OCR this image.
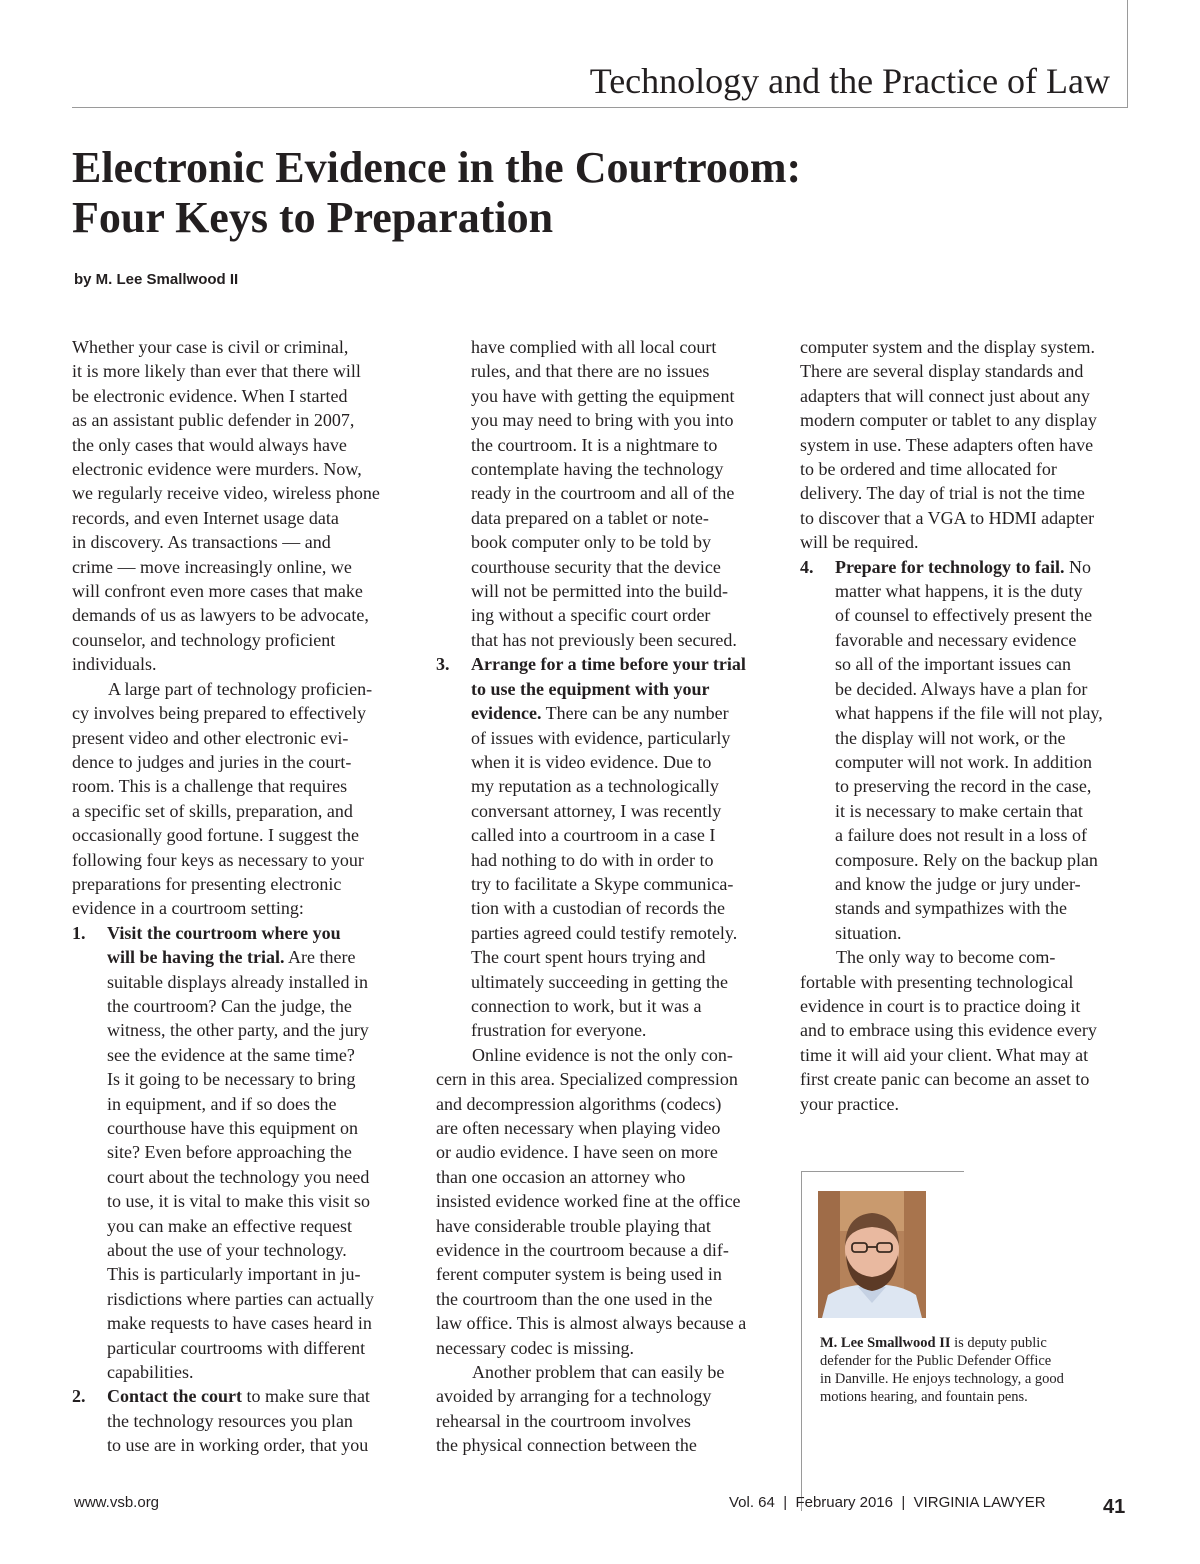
Technology and the Practice of Law
Electronic Evidence in the Courtroom:
Four Keys to Preparation
by M. Lee Smallwood II

Whether your case is civil or criminal,
it is more likely than ever that there will
be electronic evidence. When I started
as an assistant public defender in 2007,
the only cases that would always have
electronic evidence were murders. Now,
we regularly receive video, wireless phone
records, and even Internet usage data
in discovery. As transactions — and
crime — move increasingly online, we
will confront even more cases that make
demands of us as lawyers to be advocate,
counselor, and technology proficient
individuals.

A large part of technology proficien-
cy involves being prepared to effectively
present video and other electronic evi-
dence to judges and juries in the court-
room. This is a challenge that requires
a specific set of skills, preparation, and
occasionally good fortune. I suggest the
following four keys as necessary to your
preparations for presenting electronic
evidence in a courtroom setting:

1. Visit the courtroom where you
will be having the trial. Are there
suitable displays already installed in
the courtroom? Can the judge, the
witness, the other party, and the jury
see the evidence at the same time?
Is it going to be necessary to bring
in equipment, and if so does the
courthouse have this equipment on
site? Even before approaching the
court about the technology you need
to use, it is vital to make this visit so
you can make an effective request
about the use of your technology.
This is particularly important in ju-
risdictions where parties can actually
make requests to have cases heard in
particular courtrooms with different
capabilities.
2. Contact the court to make sure that
the technology resources you plan
to use are in working order, that you
have complied with all local court
rules, and that there are no issues
you have with getting the equipment
you may need to bring with you into
the courtroom. It is a nightmare to
contemplate having the technology
ready in the courtroom and all of the
data prepared on a tablet or note-
book computer only to be told by
courthouse security that the device
will not be permitted into the build-
ing without a specific court order
that has not previously been secured.
3. Arrange for a time before your trial
to use the equipment with your
evidence. There can be any number
of issues with evidence, particularly
when it is video evidence. Due to
my reputation as a technologically
conversant attorney, I was recently
called into a courtroom in a case I
had nothing to do with in order to
try to facilitate a Skype communica-
tion with a custodian of records the
parties agreed could testify remotely.
The court spent hours trying and
ultimately succeeding in getting the
connection to work, but it was a
frustration for everyone.

Online evidence is not the only con-
cern in this area. Specialized compression
and decompression algorithms (codecs)
are often necessary when playing video
or audio evidence. I have seen on more
than one occasion an attorney who
insisted evidence worked fine at the office
have considerable trouble playing that
evidence in the courtroom because a dif-
ferent computer system is being used in
the courtroom than the one used in the
law office. This is almost always because a
necessary codec is missing.

Another problem that can easily be
avoided by arranging for a technology
rehearsal in the courtroom involves
the physical connection between the

computer system and the display system.
There are several display standards and
adapters that will connect just about any
modern computer or tablet to any display
system in use. These adapters often have
to be ordered and time allocated for
delivery. The day of trial is not the time
to discover that a VGA to HDMI adapter
will be required.

4. Prepare for technology to fail. No
matter what happens, it is the duty
of counsel to effectively present the
favorable and necessary evidence
so all of the important issues can
be decided. Always have a plan for
what happens if the file will not play,
the display will not work, or the
computer will not work. In addition
to preserving the record in the case,
it is necessary to make certain that
a failure does not result in a loss of
composure. Rely on the backup plan
and know the judge or jury under-
stands and sympathizes with the
situation.

The only way to become com-
fortable with presenting technological
evidence in court is to practice doing it
and to embrace using this evidence every
time it will aid your client. What may at
first create panic can become an asset to
your practice.

M. Lee Smallwood II is deputy public
defender for the Public Defender Office
in Danville. He enjoys technology, a good
motions hearing, and fountain pens.
www.vsb.org	Vol. 64  |  February 2016  |  VIRGINIA LAWYER	41
